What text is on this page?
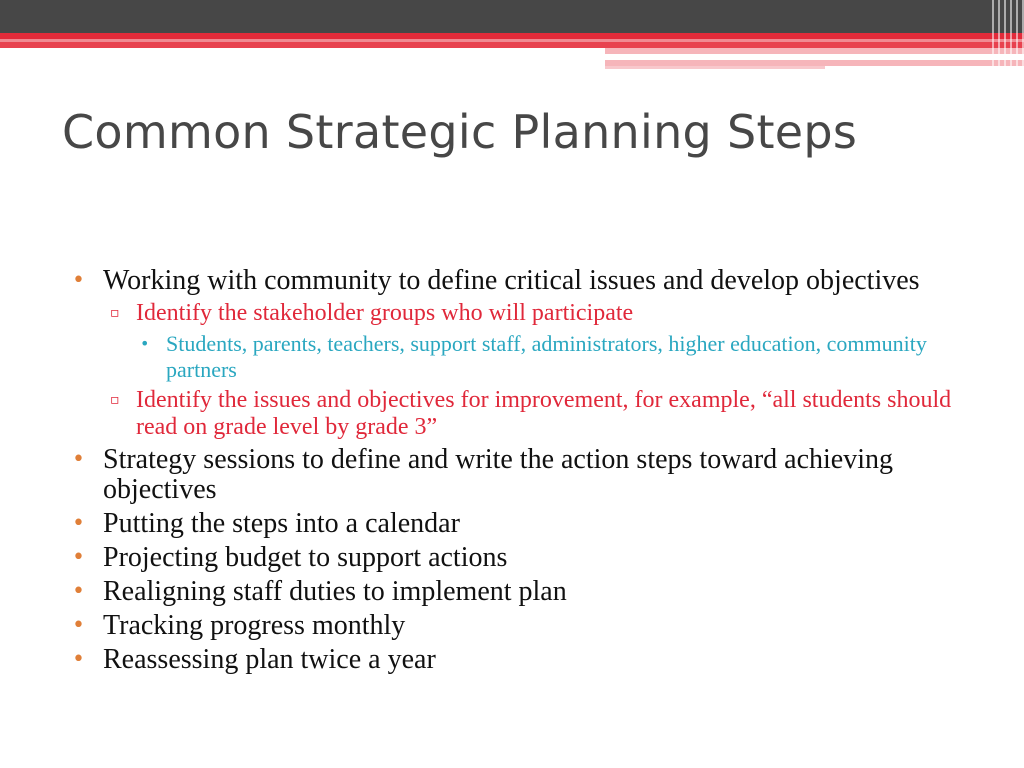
Common Strategic Planning Steps
• Working with community to define critical issues and develop objectives
▫ Identify the stakeholder groups who will participate
• Students, parents, teachers, support staff, administrators, higher education, community partners
▫ Identify the issues and objectives for improvement, for example, “all students should read on grade level by grade 3”
• Strategy sessions to define and write the action steps toward achieving objectives
• Putting the steps into a calendar
• Projecting budget to support actions
• Realigning staff duties to implement plan
• Tracking progress monthly
• Reassessing plan twice a year
